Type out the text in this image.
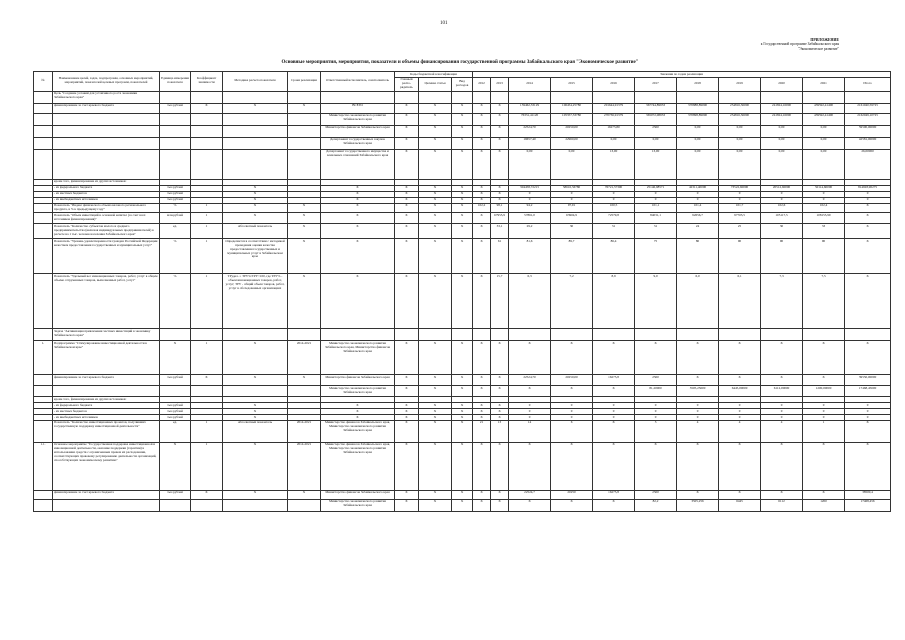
101
ПРИЛОЖЕНИЕ
к Государственной программе Забайкальского края
"Экономическое развитие"
Основные мероприятия, мероприятия, показатели и объемы финансирования государственной программы Забайкальского края "Экономическое развитие"
№	Наименование целей, задач, подпрограмм, основных мероприятий, мероприятий, показателей целевых программ, показателей	Единица измерения показателя	Коэффициент значимости	Методика расчета показателя	Сроки реализации	Ответственный исполнитель, соисполнитель	Коды бюджетной классификации			Значения по годам реализации										
							Главный распо-рядитель	Целевая статья	Вид расходов	2012	2013	2014	2015	2016	2017	2018	2019	2020	2021	Итого
	Цель "Создание условий для устойчивого роста экономики Забайкальского края"																			
	финансирование за счет краевого бюджета	тыс.рублей	X	X	X	ВСЕГО	X	X	X	X	X	159462,33129	106454,25780	201644,91379	367744,89933	370888,89000	254816,36000	241824,16000	439592,41400	2161040,59725
						Министерство экономического развития Забайкальского края	X	X	X	X	X	76331,41120	105357,33780	270736,91379	365072,08933	370898,89000	254816,36000	241824,16000	439592,41400	2162049,10725
						Министерство финансов Забайкальского края	X	X	X	X	X	22524,70	20250,00	16275,80	2500	0,00	0,00	0,00	0,00	59500,00000
						Департамент государственных закупок Забайкальского края	X	X	X	X	X	19657,40	22960,00	0,00	0,00	0,00	0,00	0,00	0,00	42581,00000
						Департамент государственного имущества и земельных отношений Забайкальского края	X	X	X	X	X	0,00	0,00	13,00	13,00	0,00	0,00	0,00	0,00	26,00000
	кроме того, финансирование из других источников:																			
	- из федерального бюджета	тыс.рублей		X		X	X	X	X	X	X	304458,72215	58610,56780	76721,57300	25146,98571	42311,40000	73522,60000	20512,60000	50114,60000	814928,90275
	- из местных бюджетов	тыс.рублей		X		X	X	X	X	X	X	0	0	0	0	0	0	0	0	0
	- из внебюджетных источников	тыс.рублей		X		X	X	X	X	X	X	0	0	0	0	0	0	0	0	0
	Показатель "Индекс физического объема валового регионального продукта, в % к предыдущему году"	%	1	X	X	X	X	X	X	102,2	98,1	94,2	97,91	100,5	101,1	101,4	101,7	102,6	102,4	X
	Показатель "Объем инвестиций в основной капитал (за счет всех источников финансирования)"	млн.рублей	1	X	X	X	X	X	X	X	67955,9	57861,0	63904,9	72579,8	84031,1	92656,7	97703,5	105117,5	108155,99	X
	Показатель "Количество субъектов малого и среднего предпринимательства (включая индивидуальных предпринимателей) в расчете на 1 тыс. человек населения Забайкальского края"	ед.	1	Абсолютный показатель	X	X	X	X	X	X	33,1	29,2	30	31	31	24	25	30	33	X
	Показатель "Уровень удовлетворенности граждан Российской Федерации качеством предоставления государственных и муниципальных услуг"	%	1	Определяется в соответствии с методикой проведения оценки качества предоставления государственных и муниципальных услуг в Забайкальском крае	X	X	X	X	X	X	61	81,6	89,7	86,4	75	80	90	90	90	X
	Показатель "Удельный вес инновационных товаров, работ, услуг в общем объеме отгруженных товаров, выполненных работ, услуг"	%	1	ТРудел. = ТРУ%/ТРУ×100, где ТРУ% - объем инновационных товаров, работ, услуг; ТРУ - общий объем товаров, работ, услуг в обследованных организациях	X	X	X	X	X	X	15,7	6,3	7,2	8,9	9,0	6,0	6,1	7,3	7,5	X
	Задача "Активизация привлечения частных инвестиций в экономику Забайкальского края"																			
1.	Подпрограмма "Стимулирование инвестиционной деятельности в Забайкальском крае"	X	1	X	2014-2021	Министерство экономического развития Забайкальского края, Министерство финансов Забайкальского края	X	X	X	X	X	X	X	X	X	X	X	X	X	X
	финансирование за счет краевого бюджета	тыс.рублей	X	X	X	Министерство финансов Забайкальского края	X	X	X	X	X	22524,70	20250,00	16275,8	2500	X	X	X	X	39550,00000
						Министерство экономического развития Забайкальского края	X	X	X	X	X	X	X	X	81,20000	3505,25600	6445,00000	6112,00000	1200,00000	17468,45600
	кроме того, финансирование из других источников:																			
	- из федерального бюджета	тыс.рублей		X		X	X	X	X	X	X	0	0	0	0	0	0	0	0	0
	- из местных бюджетов	тыс.рублей		X		X	X	X	X	X	X	0	0	0	0	0	0	0	0	0
	- из внебюджетных источников	тыс.рублей		X		X	X	X	X	X	X	0	0	0	0	0	0	0	0	0
	Показатель "Количество инвестиционных проектов, получивших государственную поддержку инвестиционной деятельности"	ед.	1	Абсолютный показатель	2014-2021	Министерство финансов Забайкальского края, Министерство экономического развития Забайкальского края	X	X	X	21	13	14	6	X	3	4	4	4	1	X
1.1.	Основное мероприятие "Государственная поддержка инвестиционной и инновационной деятельности, оказание поддержки (гарантии) в использовании средств с ограниченным правом их расходования, соответствующих правовому регулированию деятельности организаций, способствующих экономическому развитию"	X	1	X	2014-2021	Министерство финансов Забайкальского края, Министерство экономического развития Забайкальского края	X	X	X	X	X	X	X	X	X	X	X	X	X	X
	финансирование за счет краевого бюджета	тыс.рублей	X	X	X	Министерство финансов Забайкальского края	X	X	X	X	X	22524,7	20250	16275,8	2500	X	X	X	X	38500,4
						Министерство экономического развития Забайкальского края	X	X	X	X	X	X	X	X	82,2	3505,256	6445	6112	1200	17468,456
